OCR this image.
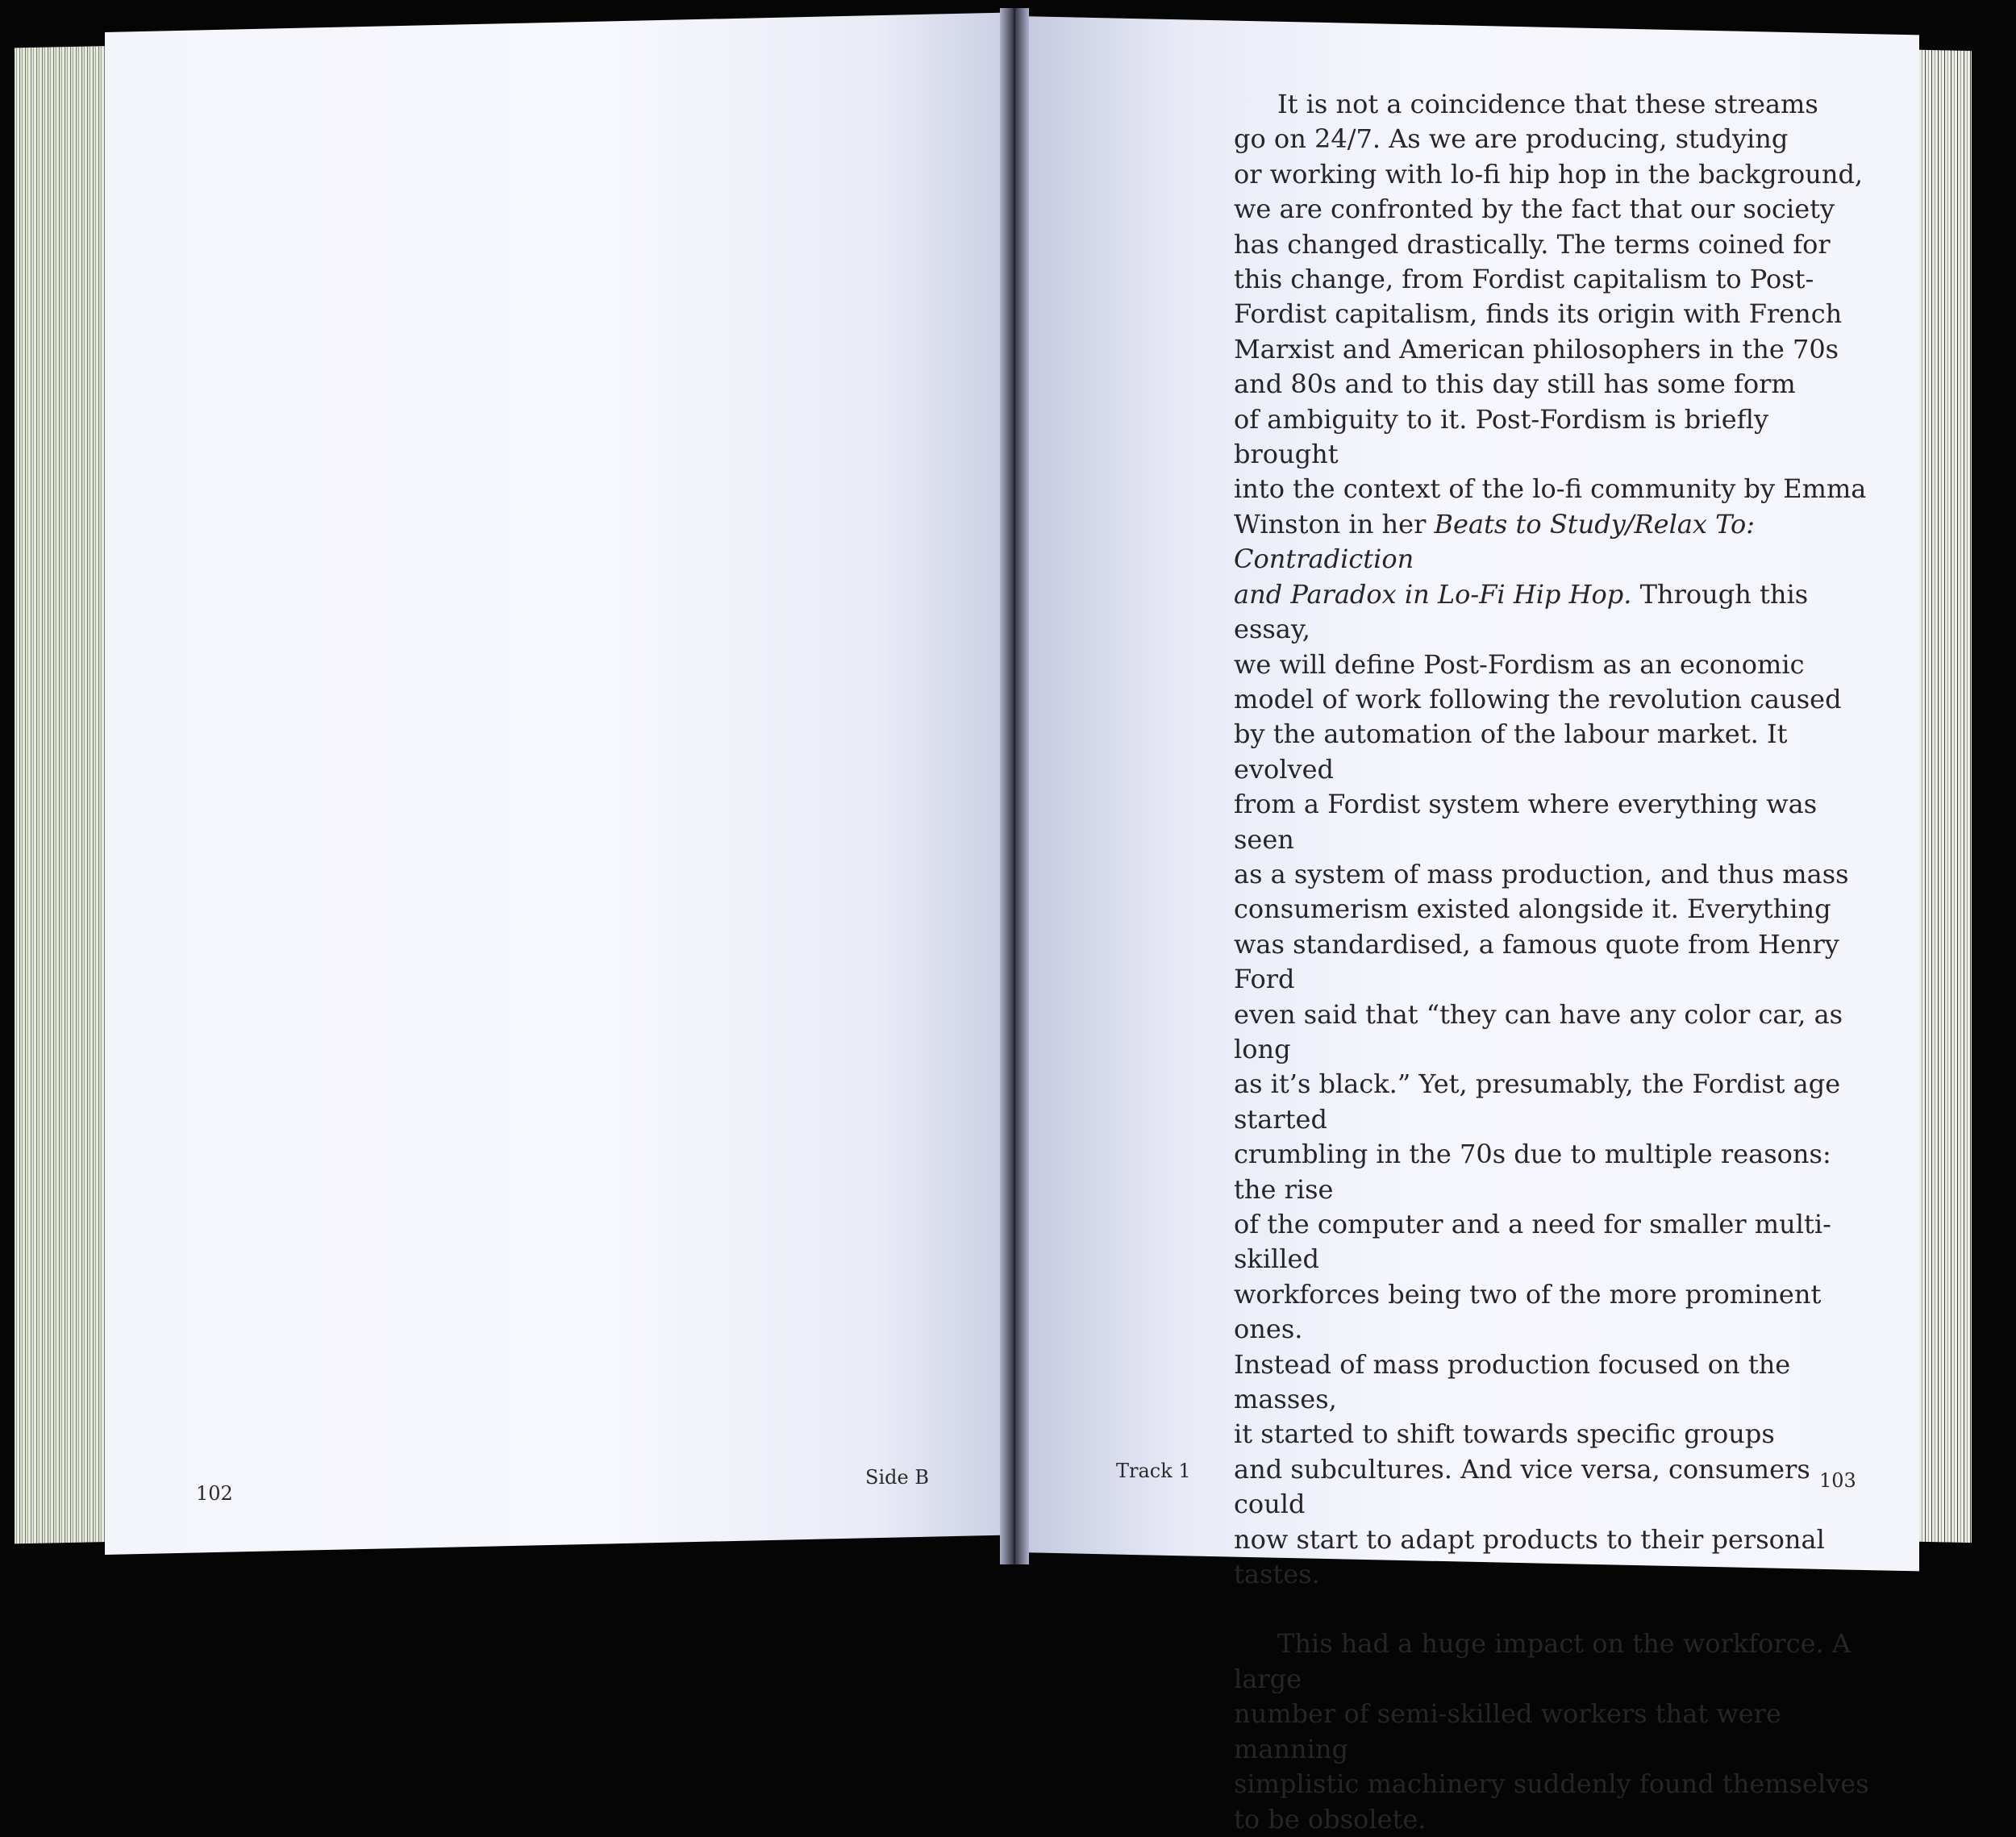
It is not a coincidence that these streams
go on 24/7. As we are producing, studying
or working with lo-fi hip hop in the background,
we are confronted by the fact that our society
has changed drastically. The terms coined for
this change, from Fordist capitalism to Post-
Fordist capitalism, finds its origin with French
Marxist and American philosophers in the 70s
and 80s and to this day still has some form
of ambiguity to it. Post-Fordism is briefly brought
into the context of the lo-fi community by Emma
Winston in her Beats to Study/Relax To: Contradiction
and Paradox in Lo-Fi Hip Hop. Through this essay,
we will define Post-Fordism as an economic
model of work following the revolution caused
by the automation of the labour market. It evolved
from a Fordist system where everything was seen
as a system of mass production, and thus mass
consumerism existed alongside it. Everything
was standardised, a famous quote from Henry Ford
even said that “they can have any color car, as long
as it’s black.” Yet, presumably, the Fordist age started
crumbling in the 70s due to multiple reasons: the rise
of the computer and a need for smaller multi-skilled
workforces being two of the more prominent ones.
Instead of mass production focused on the masses,
it started to shift towards specific groups
and subcultures. And vice versa, consumers could
now start to adapt products to their personal tastes.

This had a huge impact on the workforce. A large
number of semi-skilled workers that were manning
simplistic machinery suddenly found themselves
to be obsolete.

102
Side B	Track 1	103
